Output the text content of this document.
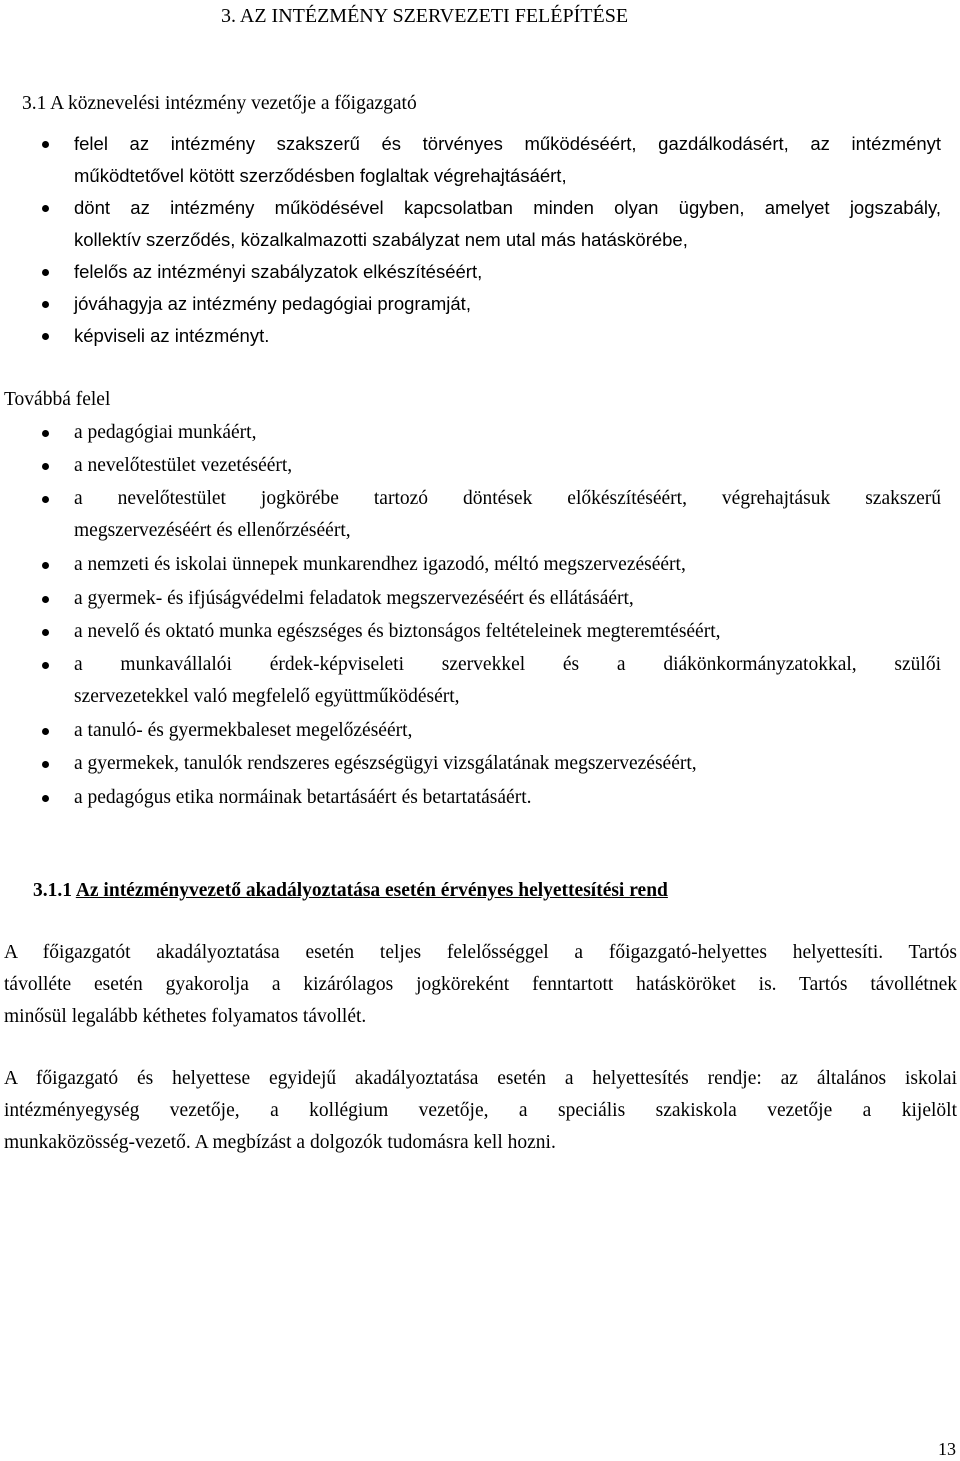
3. AZ INTÉZMÉNY SZERVEZETI FELÉPÍTÉSE
3.1 A köznevelési intézmény vezetője a főigazgató
felel az intézmény szakszerű és törvényes működéséért, gazdálkodásért, az intézményt
működtetővel kötött szerződésben foglaltak végrehajtásáért,
dönt az intézmény működésével kapcsolatban minden olyan ügyben, amelyet jogszabály,
kollektív szerződés, közalkalmazotti szabályzat nem utal más hatáskörébe,
felelős az intézményi szabályzatok elkészítéséért,
jóváhagyja az intézmény pedagógiai programját,
képviseli az intézményt.
Továbbá felel
a pedagógiai munkáért,
a nevelőtestület vezetéséért,
a nevelőtestület jogkörébe tartozó döntések előkészítéséért, végrehajtásuk szakszerű
megszervezéséért és ellenőrzéséért,
a nemzeti és iskolai ünnepek munkarendhez igazodó, méltó megszervezéséért,
a gyermek- és ifjúságvédelmi feladatok megszervezéséért és ellátásáért,
a nevelő és oktató munka egészséges és biztonságos feltételeinek megteremtéséért,
a munkavállalói érdek-képviseleti szervekkel és a diákönkormányzatokkal, szülői
szervezetekkel való megfelelő együttműködésért,
a tanuló- és gyermekbaleset megelőzéséért,
a gyermekek, tanulók rendszeres egészségügyi vizsgálatának megszervezéséért,
a pedagógus etika normáinak betartásáért és betartatásáért.
3.1.1 Az intézményvezető akadályoztatása esetén érvényes helyettesítési rend
A főigazgatót akadályoztatása esetén teljes felelősséggel a főigazgató-helyettes helyettesíti. Tartós
távolléte esetén gyakorolja a kizárólagos jogköreként fenntartott hatásköröket is. Tartós távollétnek
minősül legalább kéthetes folyamatos távollét.
A főigazgató és helyettese egyidejű akadályoztatása esetén a helyettesítés rendje: az általános iskolai
intézményegység vezetője, a kollégium vezetője, a speciális szakiskola vezetője a kijelölt
munkaközösség-vezető. A megbízást a dolgozók tudomásra kell hozni.
13
